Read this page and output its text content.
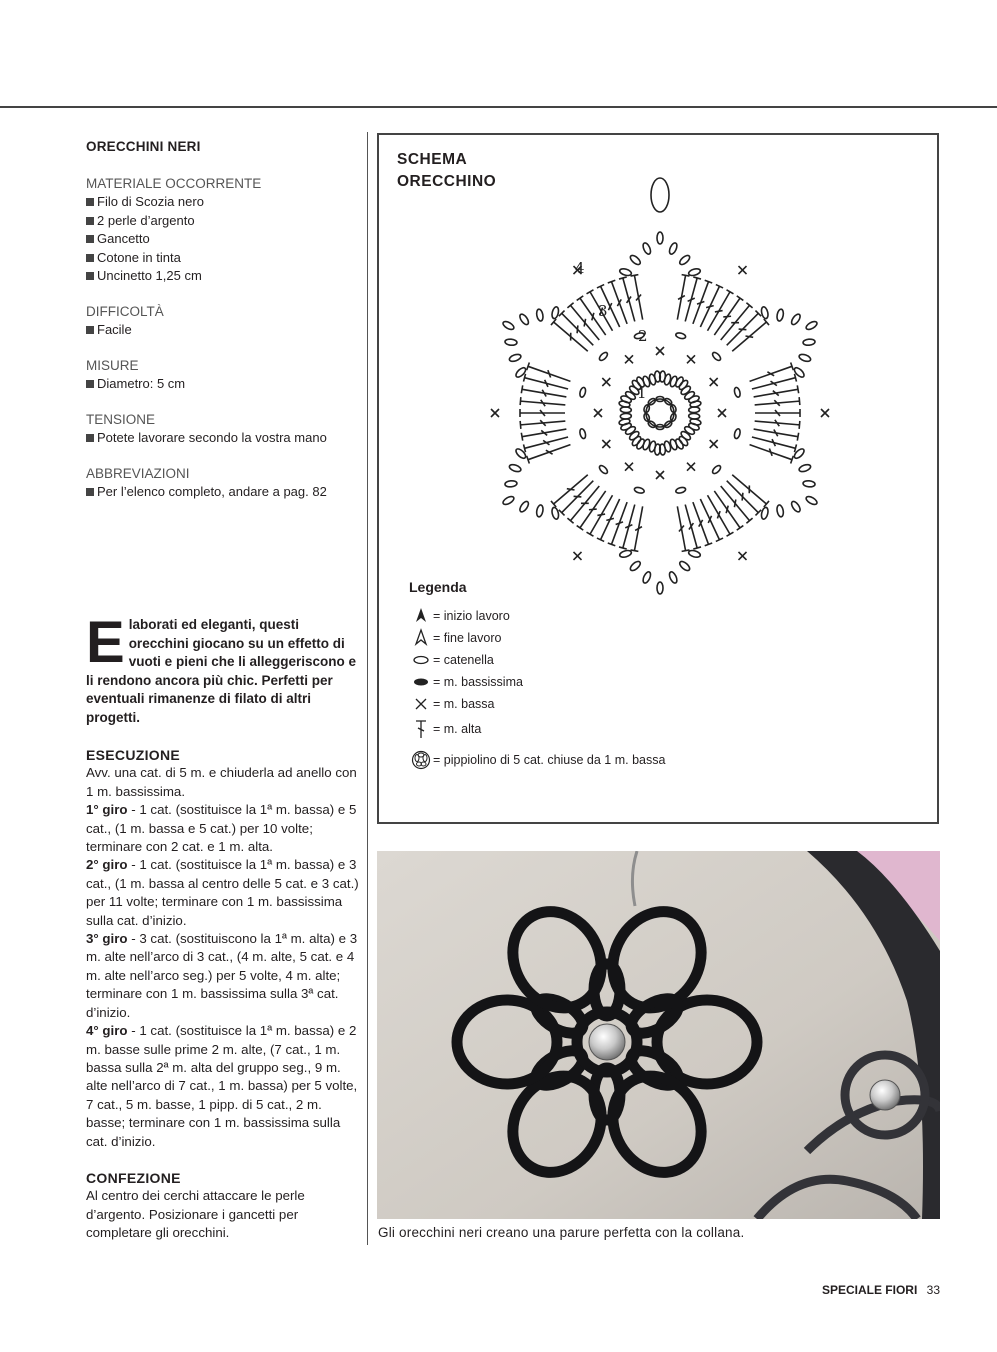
ORECCHINI NERI
MATERIALE OCCORRENTE
Filo di Scozia nero
2 perle d’argento
Gancetto
Cotone in tinta
Uncinetto 1,25 cm
DIFFICOLTÀ
Facile
MISURE
Diametro: 5 cm
TENSIONE
Potete lavorare secondo la vostra mano
ABBREVIAZIONI
Per l’elenco completo, andare a pag. 82
Elaborati ed eleganti, questi orecchini giocano su un effetto di vuoti e pieni che li alleggeriscono e li rendono ancora più chic. Perfetti per eventuali rimanenze di filato di altri progetti.
ESECUZIONE

Avv. una cat. di 5 m. e chiuderla ad anello con 1 m. bassissima.

1° giro - 1 cat. (sostituisce la 1ª m. bassa) e 5 cat., (1 m. bassa e 5 cat.) per 10 volte; terminare con 2 cat. e 1 m. alta.

2° giro - 1 cat. (sostituisce la 1ª m. bassa) e 3 cat., (1 m. bassa al centro delle 5 cat. e 3 cat.) per 11 volte; terminare con 1 m. bassissima sulla cat. d’inizio.

3° giro - 3 cat. (sostituiscono la 1ª m. alta) e 3 m. alte nell’arco di 3 cat., (4 m. alte, 5 cat. e 4 m. alte nell’arco seg.) per 5 volte, 4 m. alte; terminare con 1 m. bassissima sulla 3ª cat. d’inizio.

4° giro - 1 cat. (sostituisce la 1ª m. bassa) e 2 m. basse sulle prime 2 m. alte, (7 cat., 1 m. bassa sulla 2ª m. alta del gruppo seg., 9 m. alte nell’arco di 7 cat., 1 m. bassa) per 5 volte, 7 cat., 5 m. basse, 1 pipp. di 5 cat., 2 m. basse; terminare con 1 m. bassissima sulla cat. d’inizio.

CONFEZIONE

Al centro dei cerchi attaccare le perle d’argento. Posizionare i gancetti per completare gli orecchini.

SCHEMA
ORECCHINO
1
2
3
4
Legenda
= inizio lavoro
= fine lavoro
= catenella
= m. bassissima
= m. bassa
= m. alta
= pippiolino di 5 cat. chiuse da 1 m. bassa
Gli orecchini neri creano una parure perfetta con la collana.
SPECIALE FIORI 33
